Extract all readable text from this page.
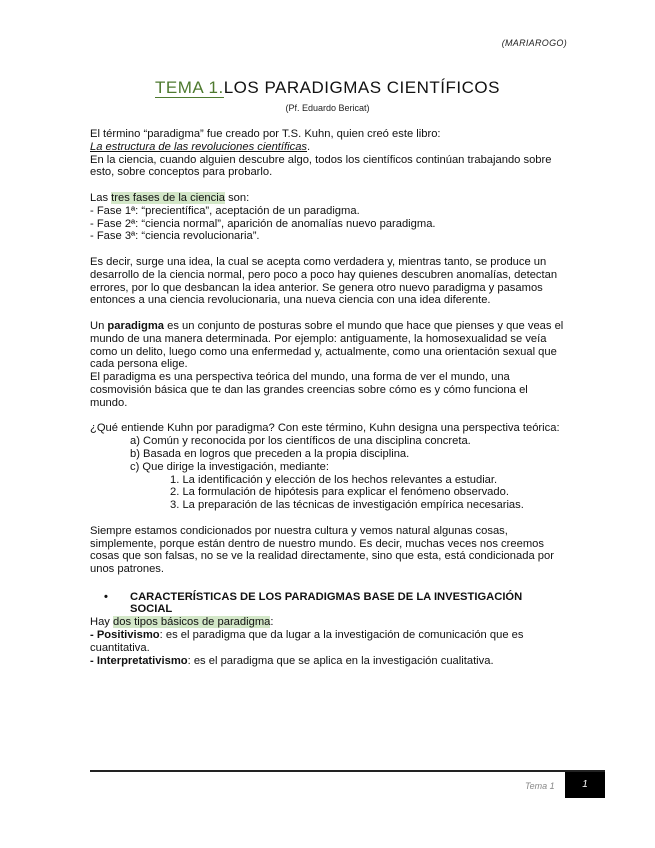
(MARIAROGO)
TEMA 1.LOS PARADIGMAS CIENTÍFICOS
(Pf. Eduardo Bericat)

El término “paradigma” fue creado por T.S. Kuhn, quien creó este libro:

La estructura de las revoluciones científicas.

En la ciencia, cuando alguien descubre algo, todos los científicos continúan trabajando sobre esto, sobre conceptos para probarlo.

Las tres fases de la ciencia son:

- Fase 1ª: “precientífica”, aceptación de un paradigma.

- Fase 2ª: “ciencia normal”, aparición de anomalías nuevo paradigma.

- Fase 3ª: “ciencia revolucionaria”.

Es decir, surge una idea, la cual se acepta como verdadera y, mientras tanto, se produce un desarrollo de la ciencia normal, pero poco a poco hay quienes descubren anomalías, detectan errores, por lo que desbancan la idea anterior. Se genera otro nuevo paradigma y pasamos entonces a una ciencia revolucionaria, una nueva ciencia con una idea diferente.

Un paradigma es un conjunto de posturas sobre el mundo que hace que pienses y que veas el mundo de una manera determinada. Por ejemplo: antiguamente, la homosexualidad se veía como un delito, luego como una enfermedad y, actualmente, como una orientación sexual que cada persona elige.

El paradigma es una perspectiva teórica del mundo, una forma de ver el mundo, una cosmovisión básica que te dan las grandes creencias sobre cómo es y cómo funciona el mundo.

¿Qué entiende Kuhn por paradigma? Con este término, Kuhn designa una perspectiva teórica:

a) Común y reconocida por los científicos de una disciplina concreta.

b) Basada en logros que preceden a la propia disciplina.

c) Que dirige la investigación, mediante:

1. La identificación y elección de los hechos relevantes a estudiar.

2. La formulación de hipótesis para explicar el fenómeno observado.

3. La preparación de las técnicas de investigación empírica necesarias.

Siempre estamos condicionados por nuestra cultura y vemos natural algunas cosas, simplemente, porque están dentro de nuestro mundo. Es decir, muchas veces nos creemos cosas que son falsas, no se ve la realidad directamente, sino que esta, está condicionada por unos patrones.

•	CARACTERÍSTICAS DE LOS PARADIGMAS BASE DE LA INVESTIGACIÓN SOCIAL

Hay dos tipos básicos de paradigma:

- Positivismo: es el paradigma que da lugar a la investigación de comunicación que es cuantitativa.

- Interpretativismo: es el paradigma que se aplica en la investigación cualitativa.

Tema 1	1
